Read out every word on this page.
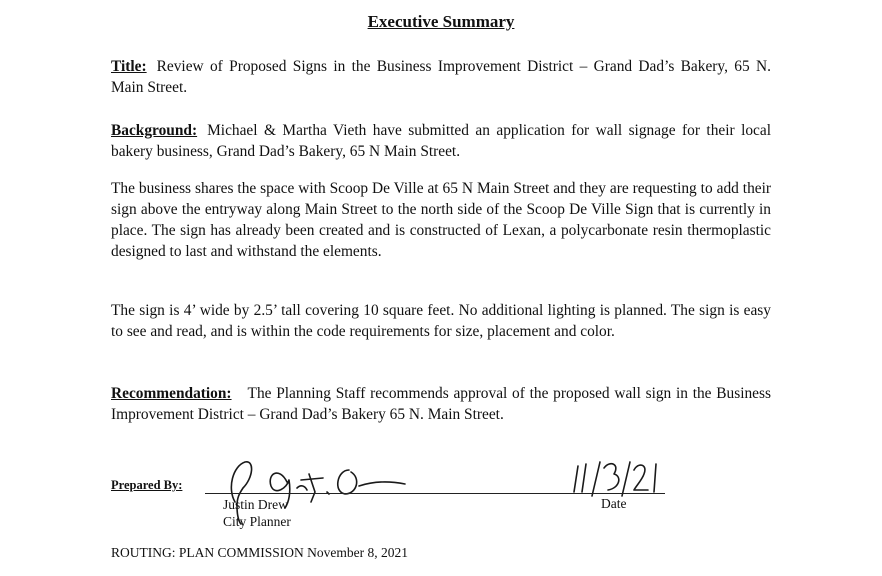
Executive Summary
Title: Review of Proposed Signs in the Business Improvement District – Grand Dad’s Bakery, 65 N. Main Street.
Background: Michael & Martha Vieth have submitted an application for wall signage for their local bakery business, Grand Dad’s Bakery, 65 N Main Street.
The business shares the space with Scoop De Ville at 65 N Main Street and they are requesting to add their sign above the entryway along Main Street to the north side of the Scoop De Ville Sign that is currently in place. The sign has already been created and is constructed of Lexan, a polycarbonate resin thermoplastic designed to last and withstand the elements.
The sign is 4’ wide by 2.5’ tall covering 10 square feet. No additional lighting is planned. The sign is easy to see and read, and is within the code requirements for size, placement and color.
Recommendation: The Planning Staff recommends approval of the proposed wall sign in the Business Improvement District – Grand Dad’s Bakery 65 N. Main Street.
Prepared By:
Justin Drew
City Planner
Date
ROUTING: PLAN COMMISSION November 8, 2021
